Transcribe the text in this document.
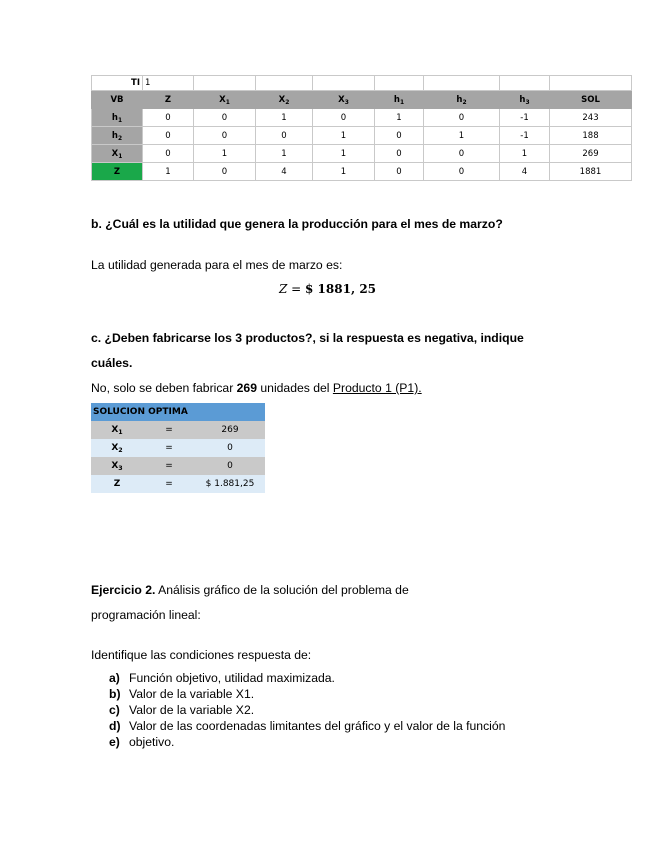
TI	1							
VB	Z	$X_1$	$X_2$	$X_3$	$h_1$	$h_2$	$h_3$	SOL
$h_1$	0	0	1	0	1	0	-1	243
$h_2$	0	0	0	1	0	1	-1	188
$X_1$	0	1	1	1	0	0	1	269
Z	1	0	4	1	0	0	4	1881
b. ¿Cuál es la utilidad que genera la producción para el mes de marzo?
La utilidad generada para el mes de marzo es:
Z = $ 1881, 25
c. ¿Deben fabricarse los 3 productos?, si la respuesta es negativa, indique
cuáles.
No, solo se deben fabricar 269 unidades del Producto 1 (P1).
SOLUCION OPTIMA		
$X_1$	=	269
$X_2$	=	0
$X_3$	=	0
Z	=	$ 1.881,25
Ejercicio 2. Análisis gráfico de la solución del problema de
programación lineal:
Identifique las condiciones respuesta de:
a) Función objetivo, utilidad maximizada.
b) Valor de la variable X1.
c) Valor de la variable X2.
d) Valor de las coordenadas limitantes del gráfico y el valor de la función
e) objetivo.
